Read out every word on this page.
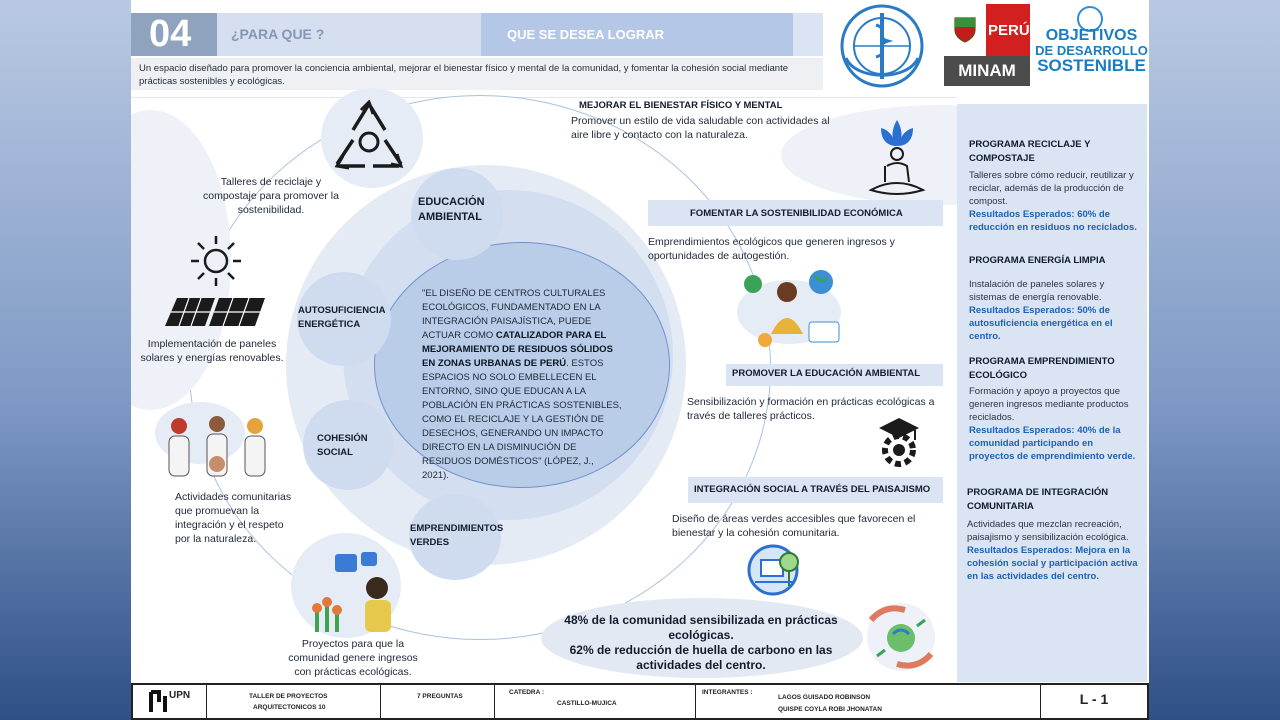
04	¿PARA QUE ?	QUE SE DESEA LOGRAR
Un espacio diseñado para promover la conciencia ambiental, mejorar el bienestar físico y mental de la comunidad, y fomentar la cohesión social mediante prácticas sostenibles y ecológicas.
PERÚ
MINAM
OBJETIVOS
DE DESARROLLO
SOSTENIBLE
Talleres de reciclaje y compostaje para promover la sostenibilidad.
Implementación de paneles solares y energías renovables.
Actividades comunitarias que promuevan la integración y el respeto por la naturaleza.
Proyectos para que la comunidad genere ingresos con prácticas ecológicas.
EDUCACIÓN AMBIENTAL
AUTOSUFICIENCIA ENERGÉTICA
COHESIÓN SOCIAL
EMPRENDIMIENTOS VERDES
"EL DISEÑO DE CENTROS CULTURALES ECOLÓGICOS, FUNDAMENTADO EN LA INTEGRACIÓN PAISAJÍSTICA, PUEDE ACTUAR COMO CATALIZADOR PARA EL MEJORAMIENTO DE RESIDUOS SÓLIDOS EN ZONAS URBANAS DE PERÚ. ESTOS ESPACIOS NO SOLO EMBELLECEN EL ENTORNO, SINO QUE EDUCAN A LA POBLACIÓN EN PRÁCTICAS SOSTENIBLES, COMO EL RECICLAJE Y LA GESTIÓN DE DESECHOS, GENERANDO UN IMPACTO DIRECTO EN LA DISMINUCIÓN DE RESIDUOS DOMÉSTICOS" (LÓPEZ, J., 2021).
MEJORAR EL BIENESTAR FÍSICO Y MENTAL
Promover un estilo de vida saludable con actividades al aire libre y contacto con la naturaleza.
FOMENTAR LA SOSTENIBILIDAD ECONÓMICA
Emprendimientos ecológicos que generen ingresos y oportunidades de autogestión.
PROMOVER LA EDUCACIÓN AMBIENTAL
Sensibilización y formación en prácticas ecológicas a través de talleres prácticos.
INTEGRACIÓN SOCIAL A TRAVÉS DEL PAISAJISMO
Diseño de áreas verdes accesibles que favorecen el bienestar y la cohesión comunitaria.
48% de la comunidad sensibilizada en prácticas ecológicas.
62% de reducción de huella de carbono en las actividades del centro.
PROGRAMA RECICLAJE Y COMPOSTAJE
Talleres sobre cómo reducir, reutilizar y reciclar, además de la producción de compost.
Resultados Esperados: 60% de reducción en residuos no reciclados.
PROGRAMA ENERGÍA LIMPIA
Instalación de paneles solares y sistemas de energía renovable.
Resultados Esperados: 50% de autosuficiencia energética en el centro.
PROGRAMA EMPRENDIMIENTO ECOLÓGICO
Formación y apoyo a proyectos que generen ingresos mediante productos reciclados.
Resultados Esperados: 40% de la comunidad participando en proyectos de emprendimiento verde.
PROGRAMA DE INTEGRACIÓN COMUNITARIA
Actividades que mezclan recreación, paisajismo y sensibilización ecológica.
Resultados Esperados: Mejora en la cohesión social y participación activa en las actividades del centro.
UPN	TALLER DE PROYECTOS
ARQUITECTONICOS 10
7 PREGUNTAS
CATEDRA :
CASTILLO-MUJICA
INTEGRANTES :
LAGOS GUISADO ROBINSON
QUISPE COYLA ROBI JHONATAN
L - 1
